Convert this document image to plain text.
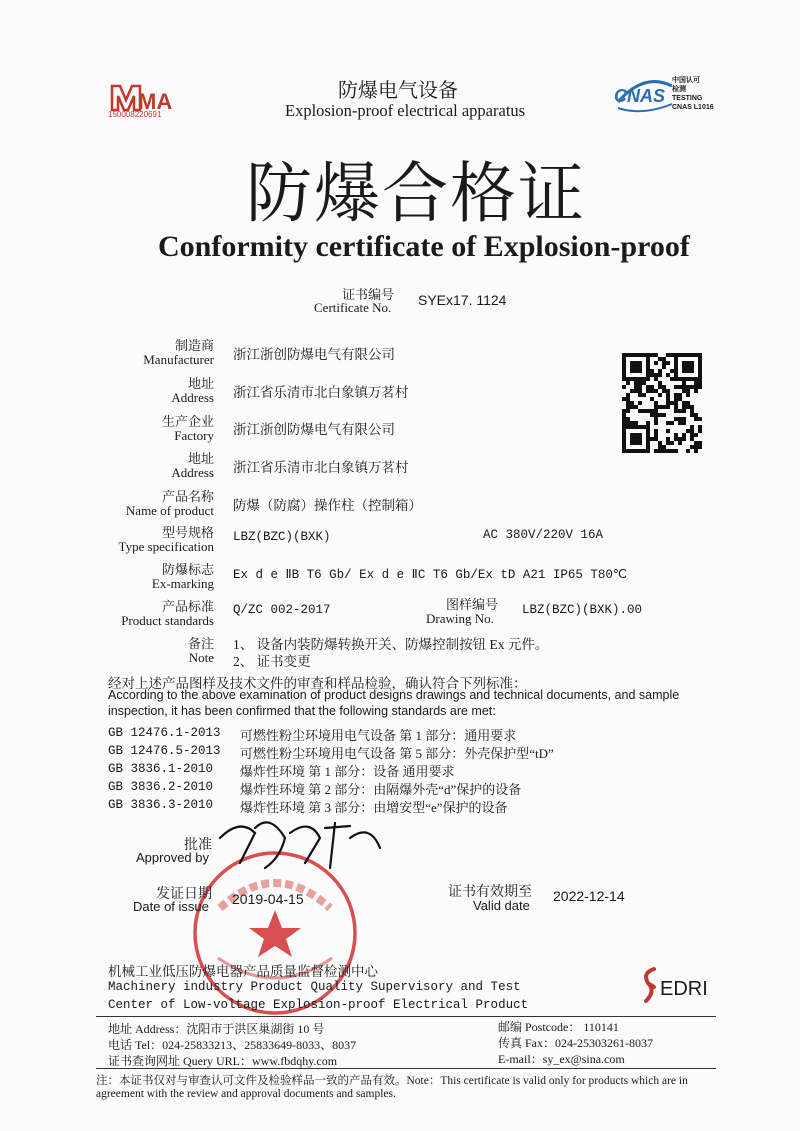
MA
150008220691
防爆电气设备
Explosion-proof electrical apparatus
CNAS
中国认可
检测
TESTING
CNAS L1016
防爆合格证
Conformity certificate of Explosion-proof
证书编号
Certificate No. SYEx17. 1124
制造商
Manufacturer 浙江浙创防爆电气有限公司
地址
Address 浙江省乐清市北白象镇万茗村
生产企业
Factory 浙江浙创防爆电气有限公司
地址
Address 浙江省乐清市北白象镇万茗村
产品名称
Name of product 防爆（防腐）操作柱（控制箱）
型号规格
Type specification
LBZ(BZC)(BXK)	AC 380V/220V 16A
防爆标志
Ex-marking
Ex d e ⅡB T6 Gb/ Ex d e ⅡC T6 Gb/Ex tD A21 IP65 T80℃
产品标准
Product standards
Q/ZC 002-2017	图样编号
Drawing No.
LBZ(BZC)(BXK).00
备注
Note
1、 设备内装防爆转换开关、防爆控制按钮 Ex 元件。
2、 证书变更
经对上述产品图样及技术文件的审查和样品检验，确认符合下列标准：
According to the above examination of product designs drawings and technical documents, and sample
inspection, it has been confirmed that the following standards are met:
GB 12476.1-2013 可燃性粉尘环境用电气设备 第 1 部分：通用要求
GB 12476.5-2013 可燃性粉尘环境用电气设备 第 5 部分：外壳保护型“tD”
GB 3836.1-2010 爆炸性环境 第 1 部分：设备 通用要求
GB 3836.2-2010 爆炸性环境 第 2 部分：由隔爆外壳“d”保护的设备
GB 3836.3-2010 爆炸性环境 第 3 部分：由增安型“e”保护的设备
批准
Approved by
发证日期
Date of issue 2019-04-15	证书有效期至
Valid date
2022-12-14
机械工业低压防爆电器产品质量监督检测中心
Machinery industry Product Quality Supervisory and Test
Center of Low-voltage Explosion-proof Electrical Product
EDRI
地址 Address：沈阳市于洪区巢湖街 10 号	邮编 Postcode： 110141
电话 Tel：024-25833213、25833649-8033、8037	传真 Fax：024-25303261-8037
证书查询网址 Query URL：www.fbdqhy.com	E-mail：sy_ex@sina.com
注：本证书仅对与审查认可文件及检验样品一致的产品有效。Note：This certificate is valid only for products which are in
agreement with the review and approval documents and samples.
